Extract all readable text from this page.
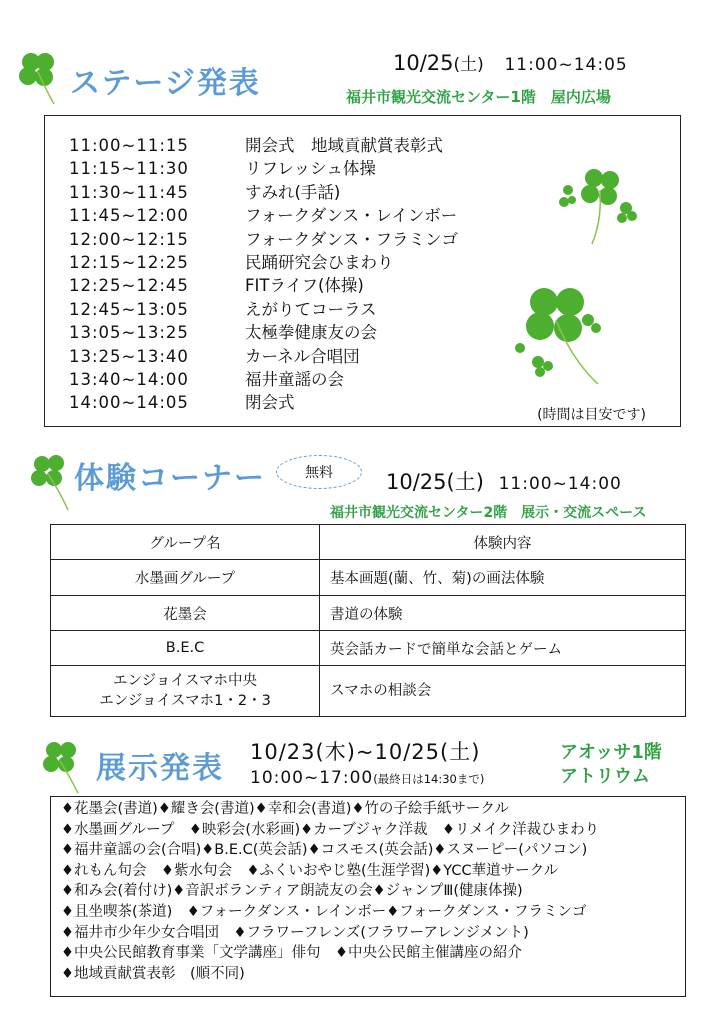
ステージ発表
10/25(土) 11:00~14:05
福井市観光交流センター1階　屋内広場
11:00~11:15	開会式　地域貢献賞表彰式
11:15~11:30	リフレッシュ体操
11:30~11:45	すみれ(手話)
11:45~12:00	フォークダンス・レインボー
12:00~12:15	フォークダンス・フラミンゴ
12:15~12:25	民踊研究会ひまわり
12:25~12:45	FITライフ(体操)
12:45~13:05	えがりてコーラス
13:05~13:25	太極拳健康友の会
13:25~13:40	カーネル合唱団
13:40~14:00	福井童謡の会
14:00~14:05	閉会式
(時間は目安です)
体験コーナー	無料	10/25(土) 11:00~14:00
福井市観光交流センター2階　展示・交流スペース
グループ名	体験内容
水墨画グループ	基本画題(蘭、竹、菊)の画法体験
花墨会	書道の体験
B.E.C	英会話カードで簡単な会話とゲーム

エンジョイスマホ中央
エンジョイスマホ1・2・3	スマホの相談会
展示発表 10/23(木)~10/25(土)
10:00~17:00(最終日は14:30まで)
アオッサ1階
アトリウム
♦花墨会(書道)♦耀き会(書道)♦幸和会(書道)♦竹の子絵手紙サークル
♦水墨画グループ　♦映彩会(水彩画)♦カーブジャク洋裁　♦リメイク洋裁ひまわり
♦福井童謡の会(合唱)♦B.E.C(英会話)♦コスモス(英会話)♦スヌーピー(パソコン)
♦れもん句会　♦紫水句会　♦ふくいおやじ塾(生涯学習)♦YCC華道サークル
♦和み会(着付け)♦音訳ボランティア朗読友の会♦ジャンプⅢ(健康体操)
♦且坐喫茶(茶道)　♦フォークダンス・レインボー♦フォークダンス・フラミンゴ
♦福井市少年少女合唱団　♦フラワーフレンズ(フラワーアレンジメント)
♦中央公民館教育事業「文学講座」俳句　♦中央公民館主催講座の紹介
♦地域貢献賞表彰　(順不同)
